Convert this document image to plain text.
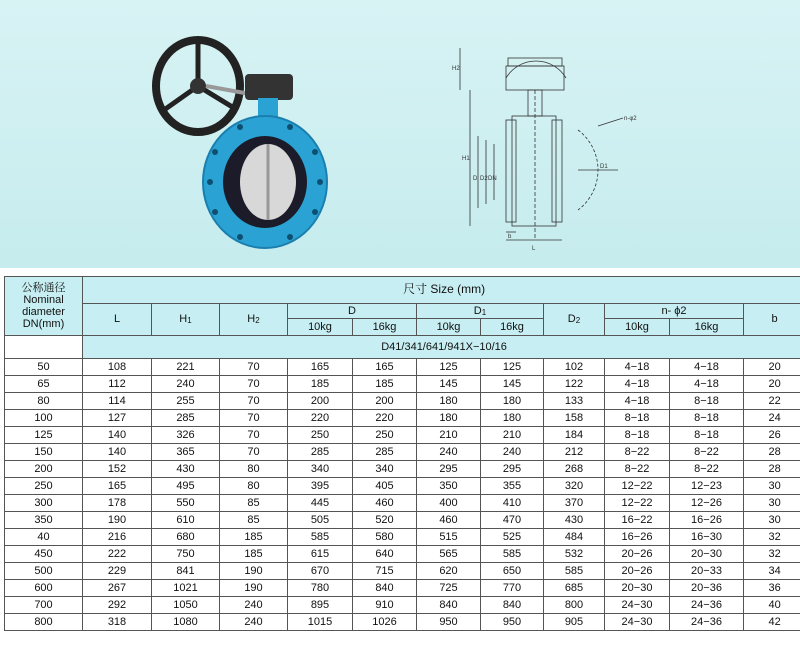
H2
H1
D D2 DN
D1
n-φ2
b
L
公称通径
Nominal
diameter
DN(mm)	尺寸 Size (mm)										
	L	$H_1$	$H_2$	D		$D_1$		$D_2$	n- ϕ2		b
				10kg	16kg	10kg	16kg		10kg	16kg	
	D41/341/641/941X−10/16										
50	108	221	70	165	165	125	125	102	4−18	4−18	20
65	112	240	70	185	185	145	145	122	4−18	4−18	20
80	114	255	70	200	200	180	180	133	4−18	8−18	22
100	127	285	70	220	220	180	180	158	8−18	8−18	24
125	140	326	70	250	250	210	210	184	8−18	8−18	26
150	140	365	70	285	285	240	240	212	8−22	8−22	28
200	152	430	80	340	340	295	295	268	8−22	8−22	28
250	165	495	80	395	405	350	355	320	12−22	12−23	30
300	178	550	85	445	460	400	410	370	12−22	12−26	30
350	190	610	85	505	520	460	470	430	16−22	16−26	30
40	216	680	185	585	580	515	525	484	16−26	16−30	32
450	222	750	185	615	640	565	585	532	20−26	20−30	32
500	229	841	190	670	715	620	650	585	20−26	20−33	34
600	267	1021	190	780	840	725	770	685	20−30	20−36	36
700	292	1050	240	895	910	840	840	800	24−30	24−36	40
800	318	1080	240	1015	1026	950	950	905	24−30	24−36	42
